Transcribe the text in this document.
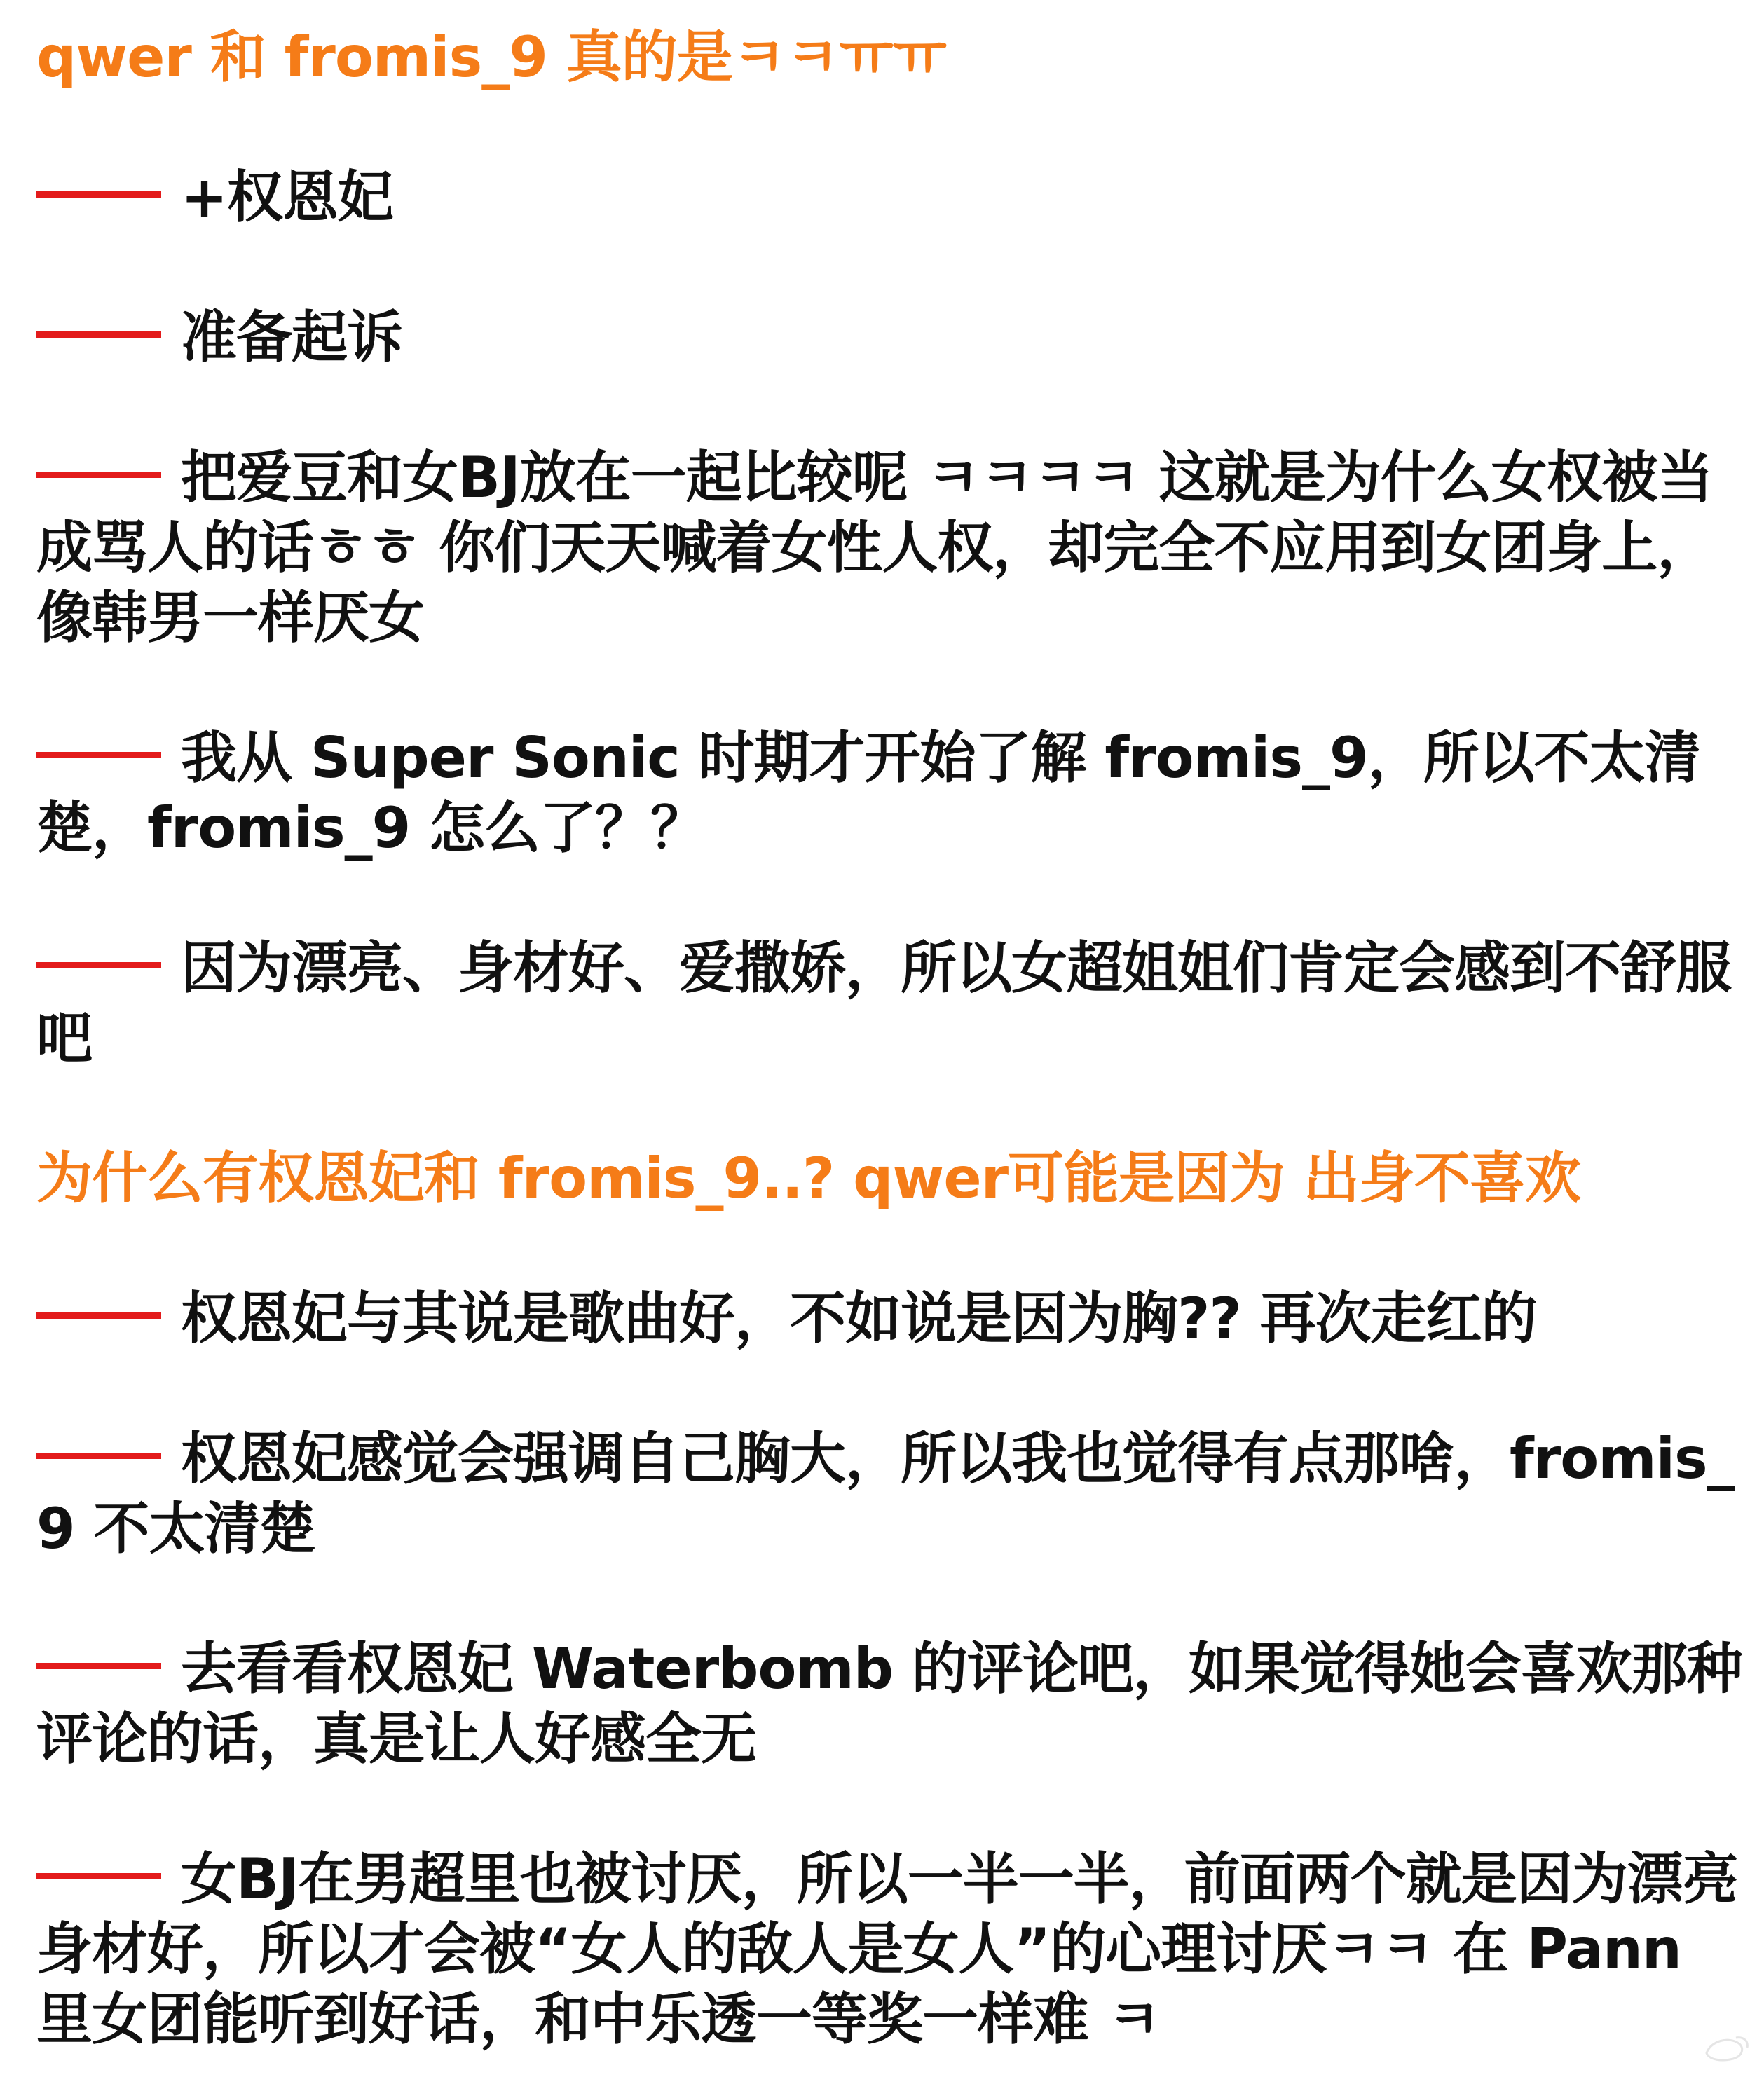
qwer 和 fromis_9 真的是ㅋㅋㅠㅠ

+权恩妃

准备起诉

把爱豆和女BJ放在一起比较呢 ㅋㅋㅋㅋ 这就是为什么女权被当成骂人的话ㅎㅎ 你们天天喊着女性人权，却完全不应用到女团身上，像韩男一样厌女

我从 Super Sonic 时期才开始了解 fromis_9，所以不太清楚，fromis_9 怎么了？？

因为漂亮、身材好、爱撒娇，所以女超姐姐们肯定会感到不舒服吧

为什么有权恩妃和 fromis_9..? qwer可能是因为 出身不喜欢

权恩妃与其说是歌曲好，不如说是因为胸?? 再次走红的

权恩妃感觉会强调自己胸大，所以我也觉得有点那啥，fromis_9 不太清楚

去看看权恩妃 Waterbomb 的评论吧，如果觉得她会喜欢那种评论的话，真是让人好感全无

女BJ在男超里也被讨厌，所以一半一半，前面两个就是因为漂亮身材好，所以才会被“女人的敌人是女人”的心理讨厌ㅋㅋ 在 Pann 里女团能听到好话，和中乐透一等奖一样难 ㅋ
